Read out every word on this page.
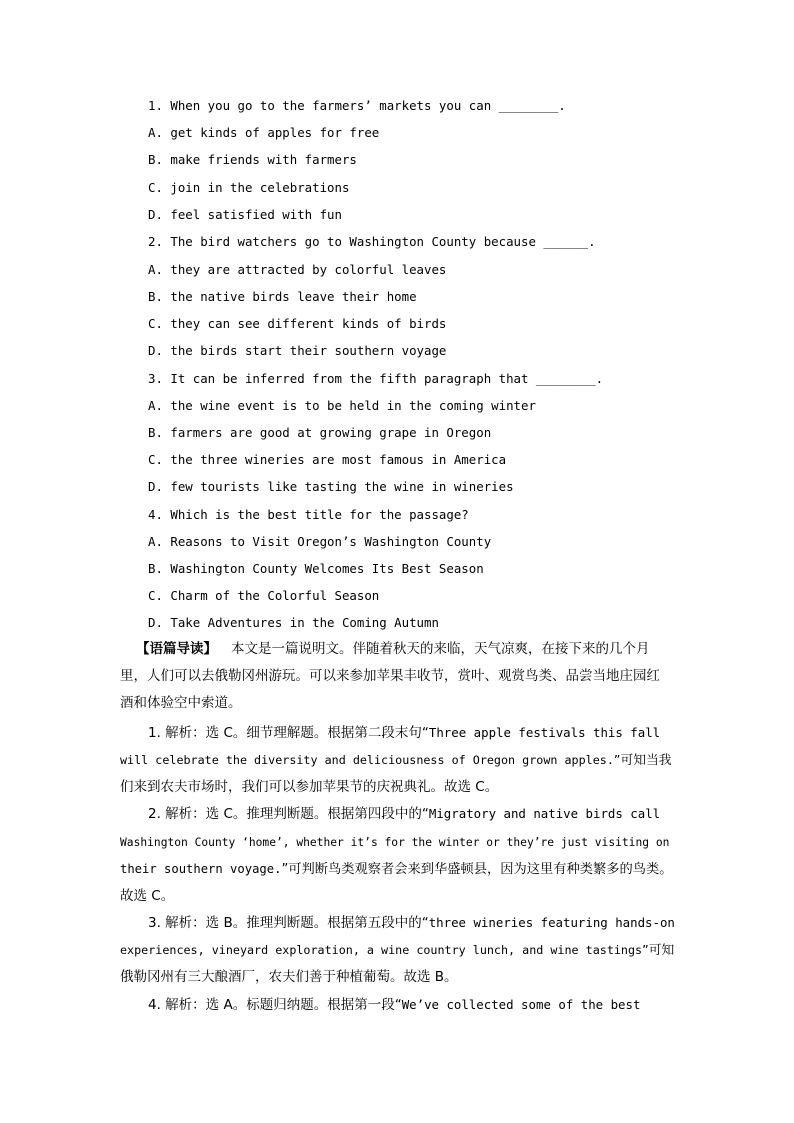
1. When you go to the farmers’ markets you can ________.
A. get kinds of apples for free
B. make friends with farmers
C. join in the celebrations
D. feel satisfied with fun
2. The bird watchers go to Washington County because ______.
A. they are attracted by colorful leaves
B. the native birds leave their home
C. they can see different kinds of birds
D. the birds start their southern voyage
3. It can be inferred from the fifth paragraph that ________.
A. the wine event is to be held in the coming winter
B. farmers are good at growing grape in Oregon
C. the three wineries are most famous in America
D. few tourists like tasting the wine in wineries
4. Which is the best title for the passage?
A. Reasons to Visit Oregon’s Washington County
B. Washington County Welcomes Its Best Season
C. Charm of the Colorful Season
D. Take Adventures in the Coming Autumn
【语篇导读】 本文是一篇说明文。伴随着秋天的来临，天气凉爽，在接下来的几个月
里，人们可以去俄勒冈州游玩。可以来参加苹果丰收节，赏叶、观赏鸟类、品尝当地庄园红
酒和体验空中索道。
1. 解析：选 C。细节理解题。根据第二段末句“Three apple festivals this fall
will celebrate the diversity and deliciousness of Oregon grown apples.”可知当我
们来到农夫市场时，我们可以参加苹果节的庆祝典礼。故选 C。
2. 解析：选 C。推理判断题。根据第四段中的“Migratory and native birds call
Washington County ‘home’, whether it’s for the winter or they’re just visiting on
their southern voyage.”可判断鸟类观察者会来到华盛顿县，因为这里有种类繁多的鸟类。
故选 C。
3. 解析：选 B。推理判断题。根据第五段中的“three wineries featuring hands-on
experiences, vineyard exploration, a wine country lunch, and wine tastings”可知
俄勒冈州有三大酿酒厂，农夫们善于种植葡萄。故选 B。
4. 解析：选 A。标题归纳题。根据第一段“We’ve collected some of the best
